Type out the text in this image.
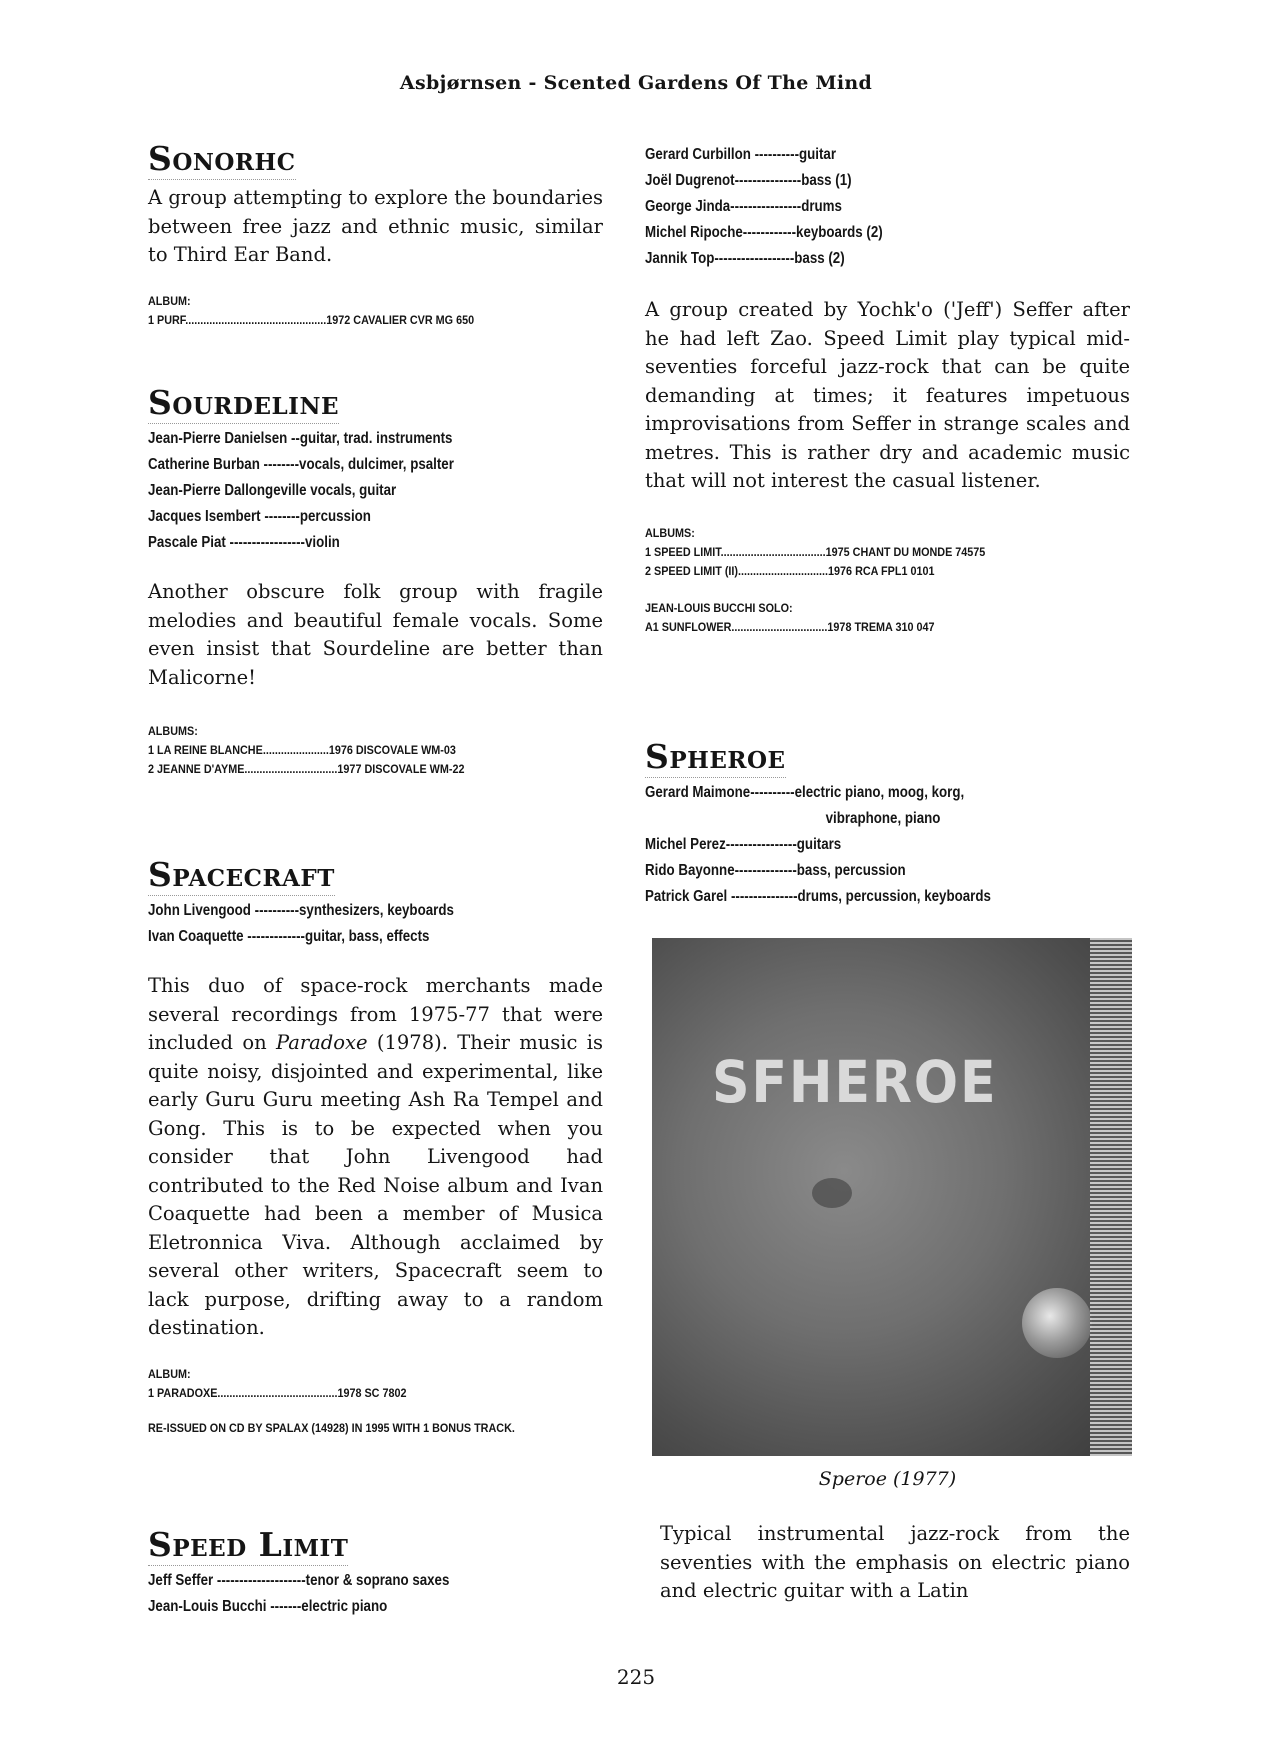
Asbjørnsen - Scented Gardens Of The Mind
Sonorhc

A group attempting to explore the boundaries between free jazz and ethnic music, similar to Third Ear Band.

ALBUM:
1 PURF...............................................1972 CAVALIER CVR MG 650
Sourdeline
Jean-Pierre Danielsen --guitar, trad. instruments
Catherine Burban --------vocals, dulcimer, psalter
Jean-Pierre Dallongeville vocals, guitar
Jacques Isembert --------percussion
Pascale Piat -----------------violin

Another obscure folk group with fragile melodies and beautiful female vocals. Some even insist that Sourdeline are better than Malicorne!

ALBUMS:
1 LA REINE BLANCHE......................1976 DISCOVALE WM-03
2 JEANNE D'AYME...............................1977 DISCOVALE WM-22
Spacecraft
John Livengood ----------synthesizers, keyboards
Ivan Coaquette -------------guitar, bass, effects

This duo of space-rock merchants made several recordings from 1975-77 that were included on Paradoxe (1978). Their music is quite noisy, disjointed and experimental, like early Guru Guru meeting Ash Ra Tempel and Gong. This is to be expected when you consider that John Livengood had contributed to the Red Noise album and Ivan Coaquette had been a member of Musica Eletronnica Viva. Although acclaimed by several other writers, Spacecraft seem to lack purpose, drifting away to a random destination.

ALBUM:
1 PARADOXE........................................1978 SC 7802
RE-ISSUED ON CD BY SPALAX (14928) IN 1995 WITH 1 BONUS TRACK.
Speed Limit
Jeff Seffer --------------------tenor & soprano saxes
Jean-Louis Bucchi -------electric piano
Gerard Curbillon ----------guitar
Joël Dugrenot---------------bass (1)
George Jinda----------------drums
Michel Ripoche------------keyboards (2)
Jannik Top------------------bass (2)

A group created by Yochk'o ('Jeff') Seffer after he had left Zao. Speed Limit play typical mid-seventies forceful jazz-rock that can be quite demanding at times; it features impetuous improvisations from Seffer in strange scales and metres. This is rather dry and academic music that will not interest the casual listener.

ALBUMS:
1 SPEED LIMIT...................................1975 CHANT DU MONDE 74575
2 SPEED LIMIT (II)..............................1976 RCA FPL1 0101
JEAN-LOUIS BUCCHI SOLO:
A1 SUNFLOWER................................1978 TREMA 310 047
Spheroe
Gerard Maimone----------electric piano, moog, korg,
vibraphone, piano
Michel Perez----------------guitars
Rido Bayonne--------------bass, percussion
Patrick Garel ---------------drums, percussion, keyboards
SFHEROE
Speroe (1977)

Typical instrumental jazz-rock from the seventies with the emphasis on electric piano and electric guitar with a Latin

225
